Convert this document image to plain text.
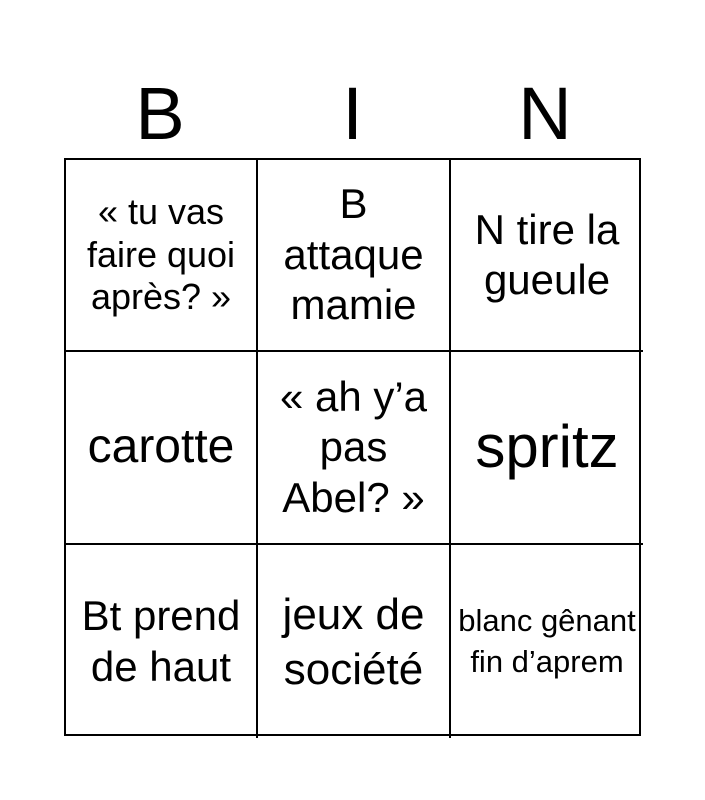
B	I	N
« tu vas faire quoi après? »
B attaque mamie
N tire la gueule
carotte
« ah y’a pas Abel? »
spritz
Bt prend de haut
jeux de société
blanc gênant fin d’aprem
